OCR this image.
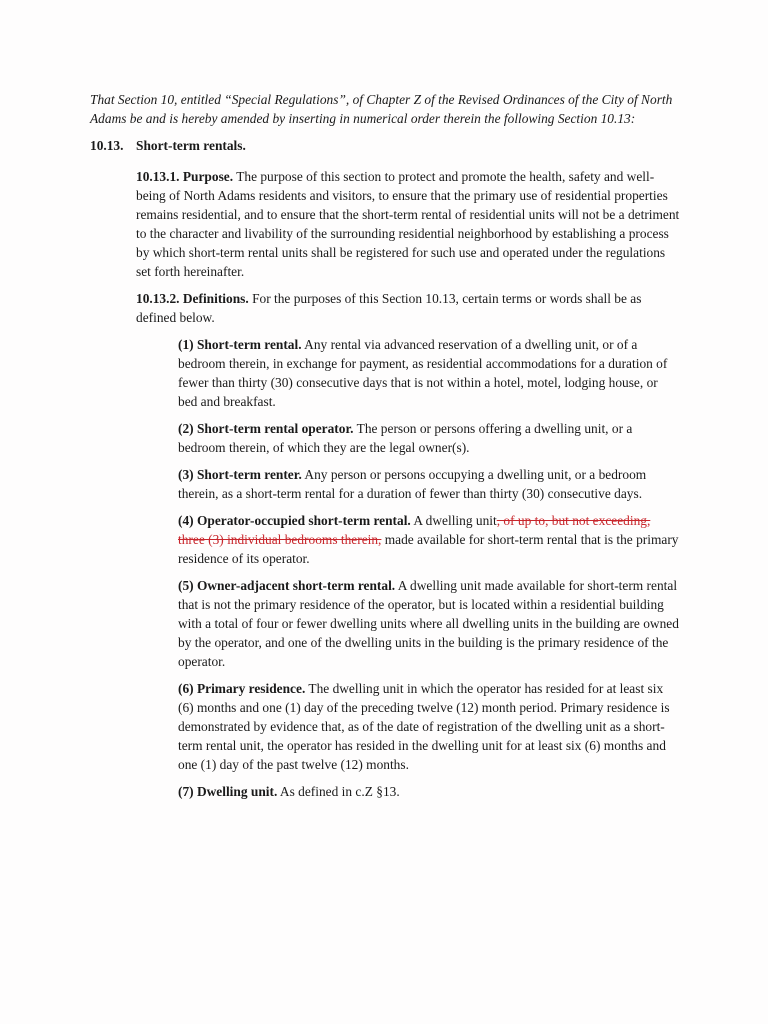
That Section 10, entitled “Special Regulations”, of Chapter Z of the Revised Ordinances of the City of North Adams be and is hereby amended by inserting in numerical order therein the following Section 10.13:

10.13. Short-term rentals.

10.13.1. Purpose. The purpose of this section to protect and promote the health, safety and well-being of North Adams residents and visitors, to ensure that the primary use of residential properties remains residential, and to ensure that the short-term rental of residential units will not be a detriment to the character and livability of the surrounding residential neighborhood by establishing a process by which short-term rental units shall be registered for such use and operated under the regulations set forth hereinafter.

10.13.2. Definitions. For the purposes of this Section 10.13, certain terms or words shall be as defined below.

(1) Short-term rental. Any rental via advanced reservation of a dwelling unit, or of a bedroom therein, in exchange for payment, as residential accommodations for a duration of fewer than thirty (30) consecutive days that is not within a hotel, motel, lodging house, or bed and breakfast.

(2) Short-term rental operator. The person or persons offering a dwelling unit, or a bedroom therein, of which they are the legal owner(s).

(3) Short-term renter. Any person or persons occupying a dwelling unit, or a bedroom therein, as a short-term rental for a duration of fewer than thirty (30) consecutive days.

(4) Operator-occupied short-term rental. A dwelling unit, of up to, but not exceeding, three (3) individual bedrooms therein, made available for short-term rental that is the primary residence of its operator.

(5) Owner-adjacent short-term rental. A dwelling unit made available for short-term rental that is not the primary residence of the operator, but is located within a residential building with a total of four or fewer dwelling units where all dwelling units in the building are owned by the operator, and one of the dwelling units in the building is the primary residence of the operator.

(6) Primary residence. The dwelling unit in which the operator has resided for at least six (6) months and one (1) day of the preceding twelve (12) month period. Primary residence is demonstrated by evidence that, as of the date of registration of the dwelling unit as a short-term rental unit, the operator has resided in the dwelling unit for at least six (6) months and one (1) day of the past twelve (12) months.

(7) Dwelling unit. As defined in c.Z §13.
